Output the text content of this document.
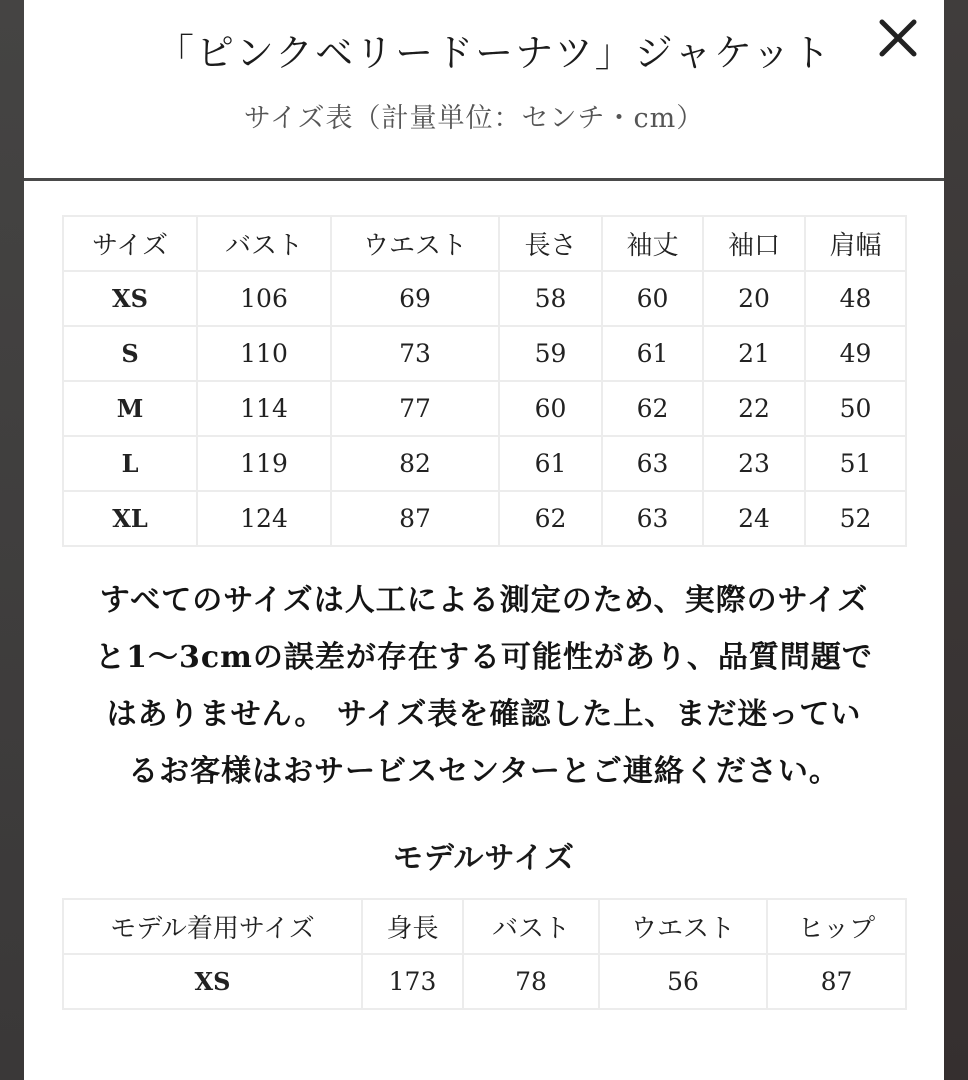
「ピンクベリードーナツ」ジャケット
サイズ表（計量単位：センチ・cm）
サイズ	バスト	ウエスト	長さ	袖丈	袖口	肩幅
XS	106	69	58	60	20	48
S	110	73	59	61	21	49
M	114	77	60	62	22	50
L	119	82	61	63	23	51
XL	124	87	62	63	24	52
すべてのサイズは人工による測定のため、実際のサイズ
と1～3cmの誤差が存在する可能性があり、品質問題で
はありません。 サイズ表を確認した上、まだ迷ってい
るお客様はおサービスセンターとご連絡ください。
モデルサイズ
モデル着用サイズ	身長	バスト	ウエスト	ヒップ
XS	173	78	56	87
